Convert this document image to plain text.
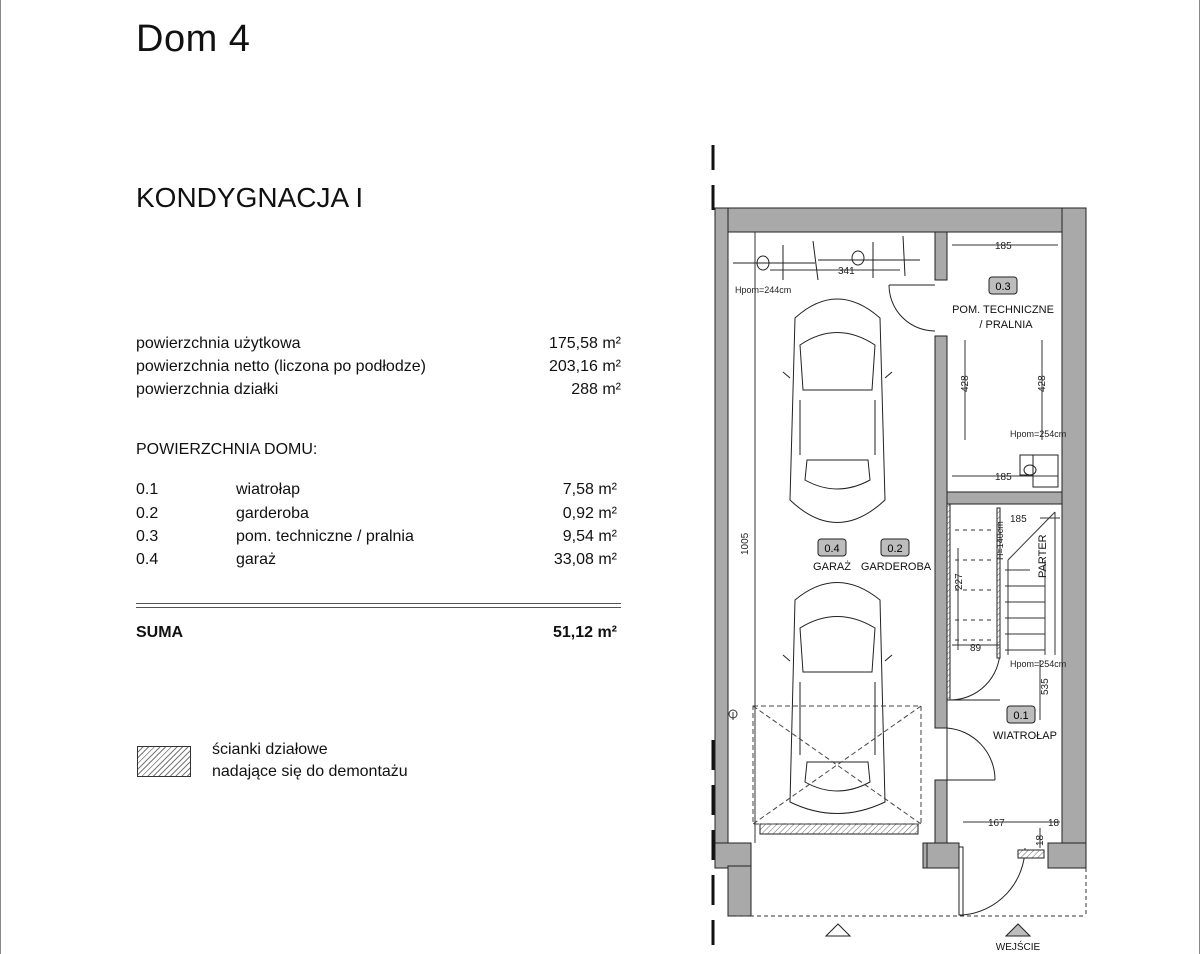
Dom 4
KONDYGNACJA I
powierzchnia użytkowa	175,58 m²
powierzchnia netto (liczona po podłodze)	203,16 m²
powierzchnia działki	288 m²
POWIERZCHNIA DOMU:
0.1	wiatrołap	7,58 m²
0.2	garderoba	0,92 m²
0.3	pom. techniczne / pralnia	9,54 m²
0.4	garaż	33,08 m²
SUMA	51,12 m²
ścianki działowe
nadające się do demontażu
341
185
185
185
428	428
1005
227
89
535
167	18
18
H=140cm
Hpom=244cm
Hpom=254cm
Hpom=254cm
0.3
0.4	0.2
0.1
POM. TECHNICZNE
/ PRALNIA
GARAŻ GARDEROBA
WIATROŁAP
PARTER
WEJŚCIE
